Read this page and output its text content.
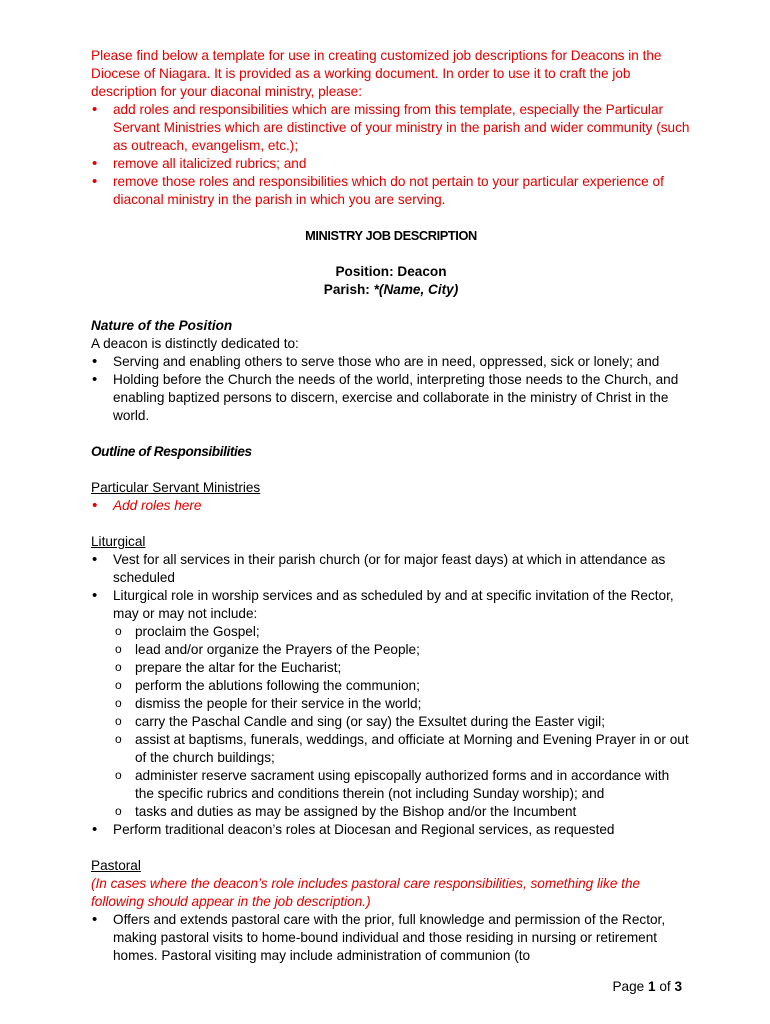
Please find below a template for use in creating customized job descriptions for Deacons in the Diocese of Niagara. It is provided as a working document. In order to use it to craft the job description for your diaconal ministry, please:

• add roles and responsibilities which are missing from this template, especially the Particular Servant Ministries which are distinctive of your ministry in the parish and wider community (such as outreach, evangelism, etc.);
• remove all italicized rubrics; and
• remove those roles and responsibilities which do not pertain to your particular experience of diaconal ministry in the parish in which you are serving.

MINISTRY JOB DESCRIPTION

Position: Deacon

Parish: *(Name, City)

Nature of the Position

A deacon is distinctly dedicated to:

• Serving and enabling others to serve those who are in need, oppressed, sick or lonely; and
• Holding before the Church the needs of the world, interpreting those needs to the Church, and enabling baptized persons to discern, exercise and collaborate in the ministry of Christ in the world.

Outline of Responsibilities

Particular Servant Ministries

• Add roles here

Liturgical

• Vest for all services in their parish church (or for major feast days) at which in attendance as scheduled
• Liturgical role in worship services and as scheduled by and at specific invitation of the Rector, may or may not include:
o proclaim the Gospel;
o lead and/or organize the Prayers of the People;
o prepare the altar for the Eucharist;
o perform the ablutions following the communion;
o dismiss the people for their service in the world;
o carry the Paschal Candle and sing (or say) the Exsultet during the Easter vigil;
o assist at baptisms, funerals, weddings, and officiate at Morning and Evening Prayer in or out of the church buildings;
o administer reserve sacrament using episcopally authorized forms and in accordance with the specific rubrics and conditions therein (not including Sunday worship); and
o tasks and duties as may be assigned by the Bishop and/or the Incumbent
• Perform traditional deacon’s roles at Diocesan and Regional services, as requested

Pastoral

(In cases where the deacon’s role includes pastoral care responsibilities, something like the following should appear in the job description.)

• Offers and extends pastoral care with the prior, full knowledge and permission of the Rector, making pastoral visits to home-bound individual and those residing in nursing or retirement homes. Pastoral visiting may include administration of communion (to
Page 1 of 3
